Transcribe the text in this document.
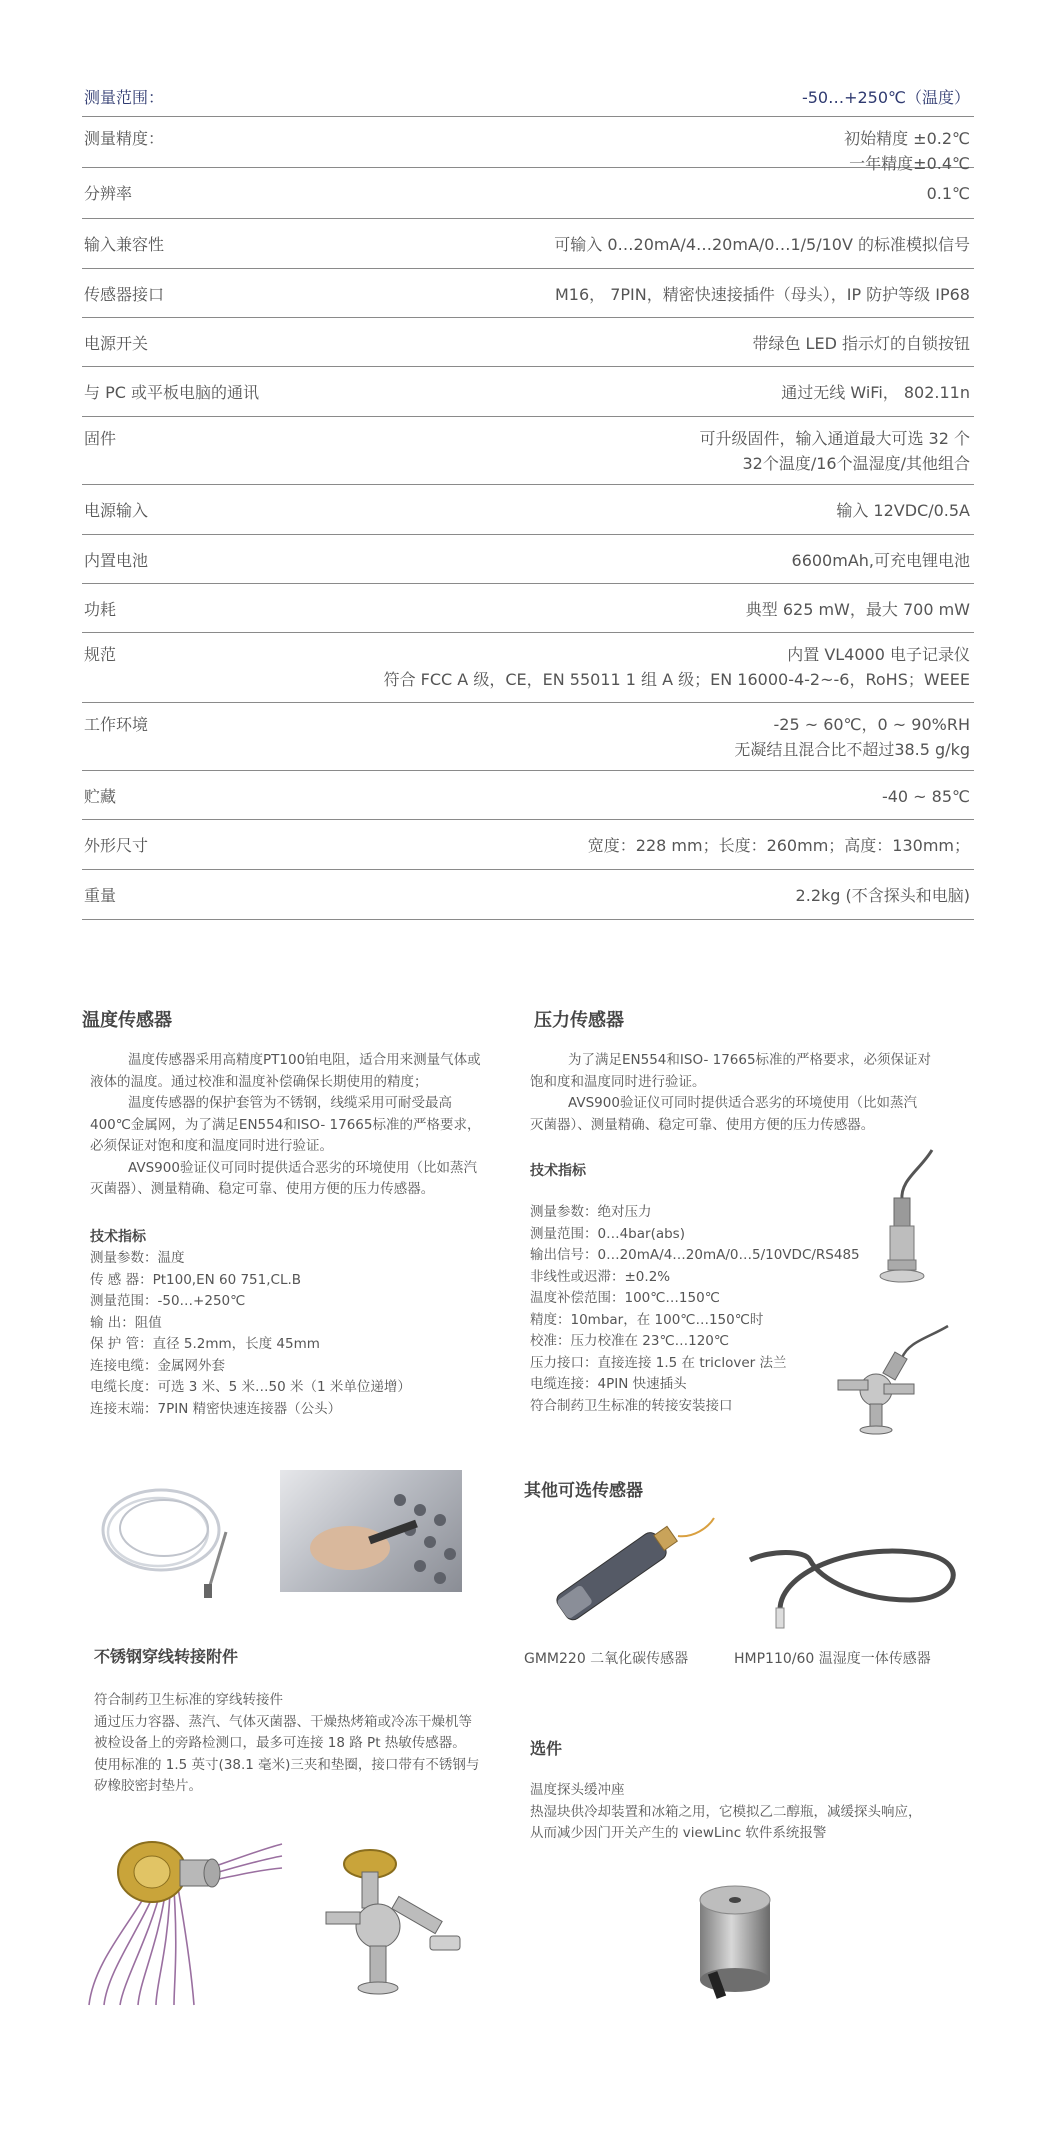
测量范围：	-50…+250℃（温度）
测量精度：	初始精度 ±0.2℃
一年精度±0.4℃
分辨率	0.1℃
输入兼容性	可输入 0…20mA/4…20mA/0…1/5/10V 的标准模拟信号
传感器接口	M16， 7PIN，精密快速接插件（母头），IP 防护等级 IP68
电源开关	带绿色 LED 指示灯的自锁按钮
与 PC 或平板电脑的通讯	通过无线 WiFi， 802.11n
固件	可升级固件，输入通道最大可选 32 个
32个温度/16个温湿度/其他组合
电源输入	输入 12VDC/0.5A
内置电池	6600mAh,可充电锂电池
功耗	典型 625 mW，最大 700 mW
规范	内置 VL4000 电子记录仪
符合 FCC A 级，CE，EN 55011 1 组 A 级；EN 16000-4-2~-6，RoHS；WEEE
工作环境	-25 ~ 60℃，0 ~ 90%RH
无凝结且混合比不超过38.5 g/kg
贮藏	-40 ~ 85℃
外形尺寸	宽度：228 mm；长度：260mm；高度：130mm；
重量	2.2kg (不含探头和电脑)
温度传感器
温度传感器采用高精度PT100铂电阻，适合用来测量气体或
液体的温度。通过校准和温度补偿确保长期使用的精度；
温度传感器的保护套管为不锈钢，线缆采用可耐受最高
400℃金属网，为了满足EN554和ISO- 17665标准的严格要求，
必须保证对饱和度和温度同时进行验证。
AVS900验证仪可同时提供适合恶劣的环境使用（比如蒸汽
灭菌器）、测量精确、稳定可靠、使用方便的压力传感器。
技术指标
测量参数：温度
传 感 器：Pt100,EN 60 751,CL.B
测量范围：-50…+250℃
输 出：阻值
保 护 管：直径 5.2mm，长度 45mm
连接电缆：金属网外套
电缆长度：可选 3 米、5 米…50 米（1 米单位递增）
连接末端：7PIN 精密快速连接器（公头）
压力传感器
为了满足EN554和ISO- 17665标准的严格要求，必须保证对
饱和度和温度同时进行验证。
AVS900验证仪可同时提供适合恶劣的环境使用（比如蒸汽
灭菌器）、测量精确、稳定可靠、使用方便的压力传感器。
技术指标
测量参数：绝对压力
测量范围：0…4bar(abs)
输出信号：0…20mA/4…20mA/0…5/10VDC/RS485
非线性或迟滞：±0.2%
温度补偿范围：100℃…150℃
精度：10mbar，在 100℃…150℃时
校准：压力校准在 23℃…120℃
压力接口：直接连接 1.5 在 triclover 法兰
电缆连接：4PIN 快速插头
符合制药卫生标准的转接安装接口
其他可选传感器
GMM220 二氧化碳传感器	HMP110/60 温湿度一体传感器
不锈钢穿线转接附件
符合制药卫生标准的穿线转接件
通过压力容器、蒸汽、气体灭菌器、干燥热烤箱或冷冻干燥机等
被检设备上的旁路检测口，最多可连接 18 路 Pt 热敏传感器。
使用标准的 1.5 英寸(38.1 毫米)三夹和垫圈，接口带有不锈钢与
矽橡胶密封垫片。
选件
温度探头缓冲座
热湿块供冷却装置和冰箱之用，它模拟乙二醇瓶，减缓探头响应，
从而减少因门开关产生的 viewLinc 软件系统报警
